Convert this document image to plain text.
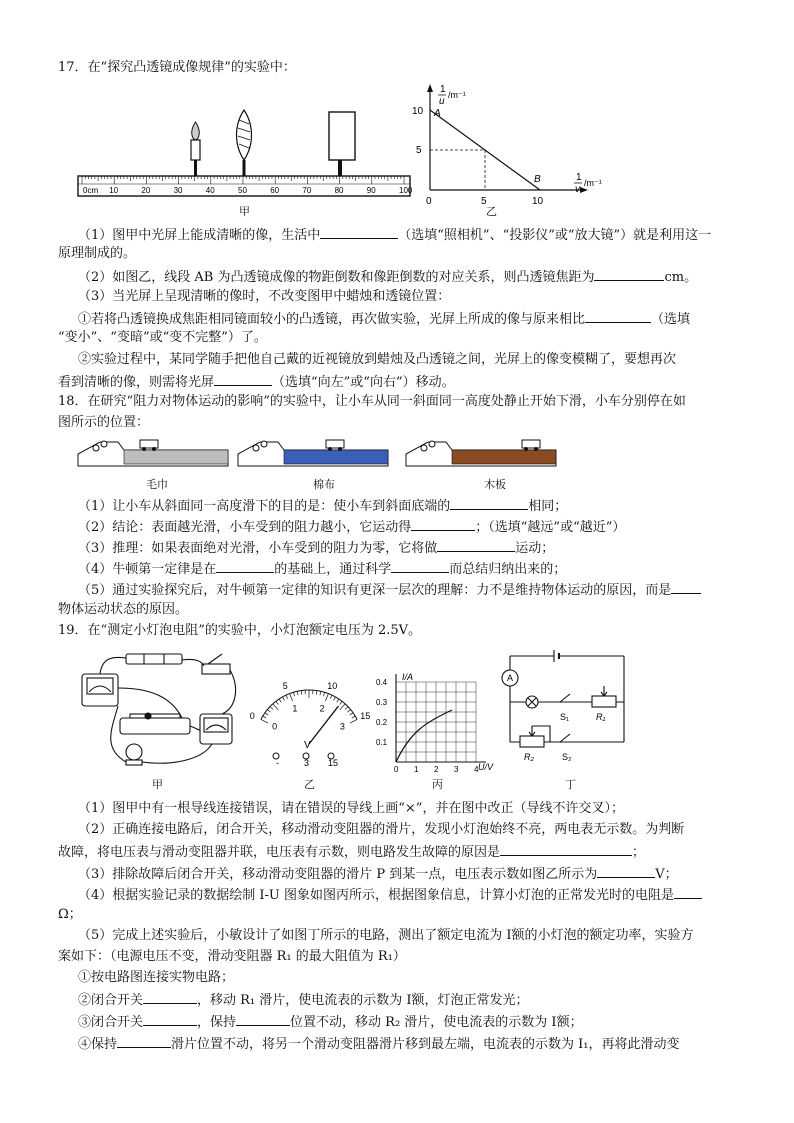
17．在“探究凸透镜成像规律”的实验中：
0cm 10	20	30	40	50	60	70	80	90	100
甲
1
u
/m⁻¹
10
5
0	5	10
A
B	1
v
/m⁻¹
乙
（1）图甲中光屏上能成清晰的像，生活中	（选填“照相机”、“投影仪”或“放大镜”）就是利用这一
原理制成的。
（2）如图乙，线段 AB 为凸透镜成像的物距倒数和像距倒数的对应关系，则凸透镜焦距为	cm。
（3）当光屏上呈现清晰的像时，不改变图甲中蜡烛和透镜位置：
①若将凸透镜换成焦距相同镜面较小的凸透镜，再次做实验，光屏上所成的像与原来相比	（选填
“变小”、“变暗”或“变不完整”）了。
②实验过程中，某同学随手把他自己戴的近视镜放到蜡烛及凸透镜之间，光屏上的像变模糊了，要想再次
看到清晰的像，则需将光屏	（选填“向左”或“向右”）移动。
18．在研究“阻力对物体运动的影响”的实验中，让小车从同一斜面同一高度处静止开始下滑，小车分别停在如
图所示的位置：
毛巾	棉布	木板
（1）让小车从斜面同一高度滑下的目的是：使小车到斜面底端的	相同；
（2）结论：表面越光滑，小车受到的阻力越小，它运动得	；（选填“越远”或“越近”）
（3）推理：如果表面绝对光滑，小车受到的阻力为零，它将做	运动；
（4）牛顿第一定律是在	的基础上，通过科学	而总结归纳出来的；
（5）通过实验探究后，对牛顿第一定律的知识有更深一层次的理解：力不是维持物体运动的原因，而是
物体运动状态的原因。
19．在“测定小灯泡电阻”的实验中，小灯泡额定电压为 2.5V。
0
5	10
15
0
1 2
3
V
-	3 15
0.4
0.3
0.2
0.1
0 1 2 3 4
I/A
U/V
A
S₁	R₁
R₂	S₂
甲	乙	丙	丁
（1）图甲中有一根导线连接错误，请在错误的导线上画“×”，并在图中改正（导线不许交叉）；
（2）正确连接电路后，闭合开关，移动滑动变阻器的滑片，发现小灯泡始终不亮，两电表无示数。为判断
故障，将电压表与滑动变阻器并联，电压表有示数，则电路发生故障的原因是	；
（3）排除故障后闭合开关，移动滑动变阻器的滑片 P 到某一点，电压表示数如图乙所示为	V；
（4）根据实验记录的数据绘制 I-U 图象如图丙所示，根据图象信息，计算小灯泡的正常发光时的电阻是
Ω；
（5）完成上述实验后，小敏设计了如图丁所示的电路，测出了额定电流为 I额的小灯泡的额定功率，实验方
案如下：（电源电压不变，滑动变阻器 R₁ 的最大阻值为 R₁）
①按电路图连接实物电路；
②闭合开关	，移动 R₁ 滑片，使电流表的示数为 I额，灯泡正常发光；
③闭合开关	，保持	位置不动，移动 R₂ 滑片，使电流表的示数为 I额；
④保持	滑片位置不动，将另一个滑动变阻器滑片移到最左端，电流表的示数为 I₁，再将此滑动变
